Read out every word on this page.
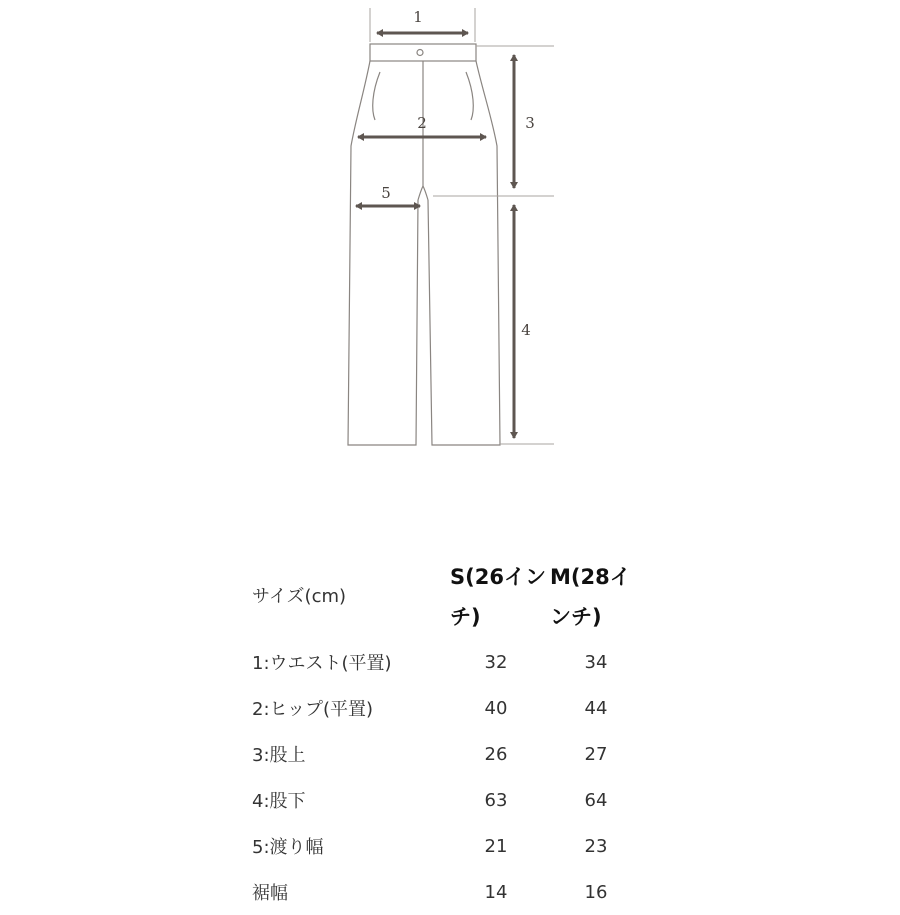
1
2	3
4
5
サイズ(cm)	S(26インチ)	M(28インチ)
1:ウエスト(平置)	32	34
2:ヒップ(平置)	40	44
3:股上	26	27
4:股下	63	64
5:渡り幅	21	23
裾幅	14	16
